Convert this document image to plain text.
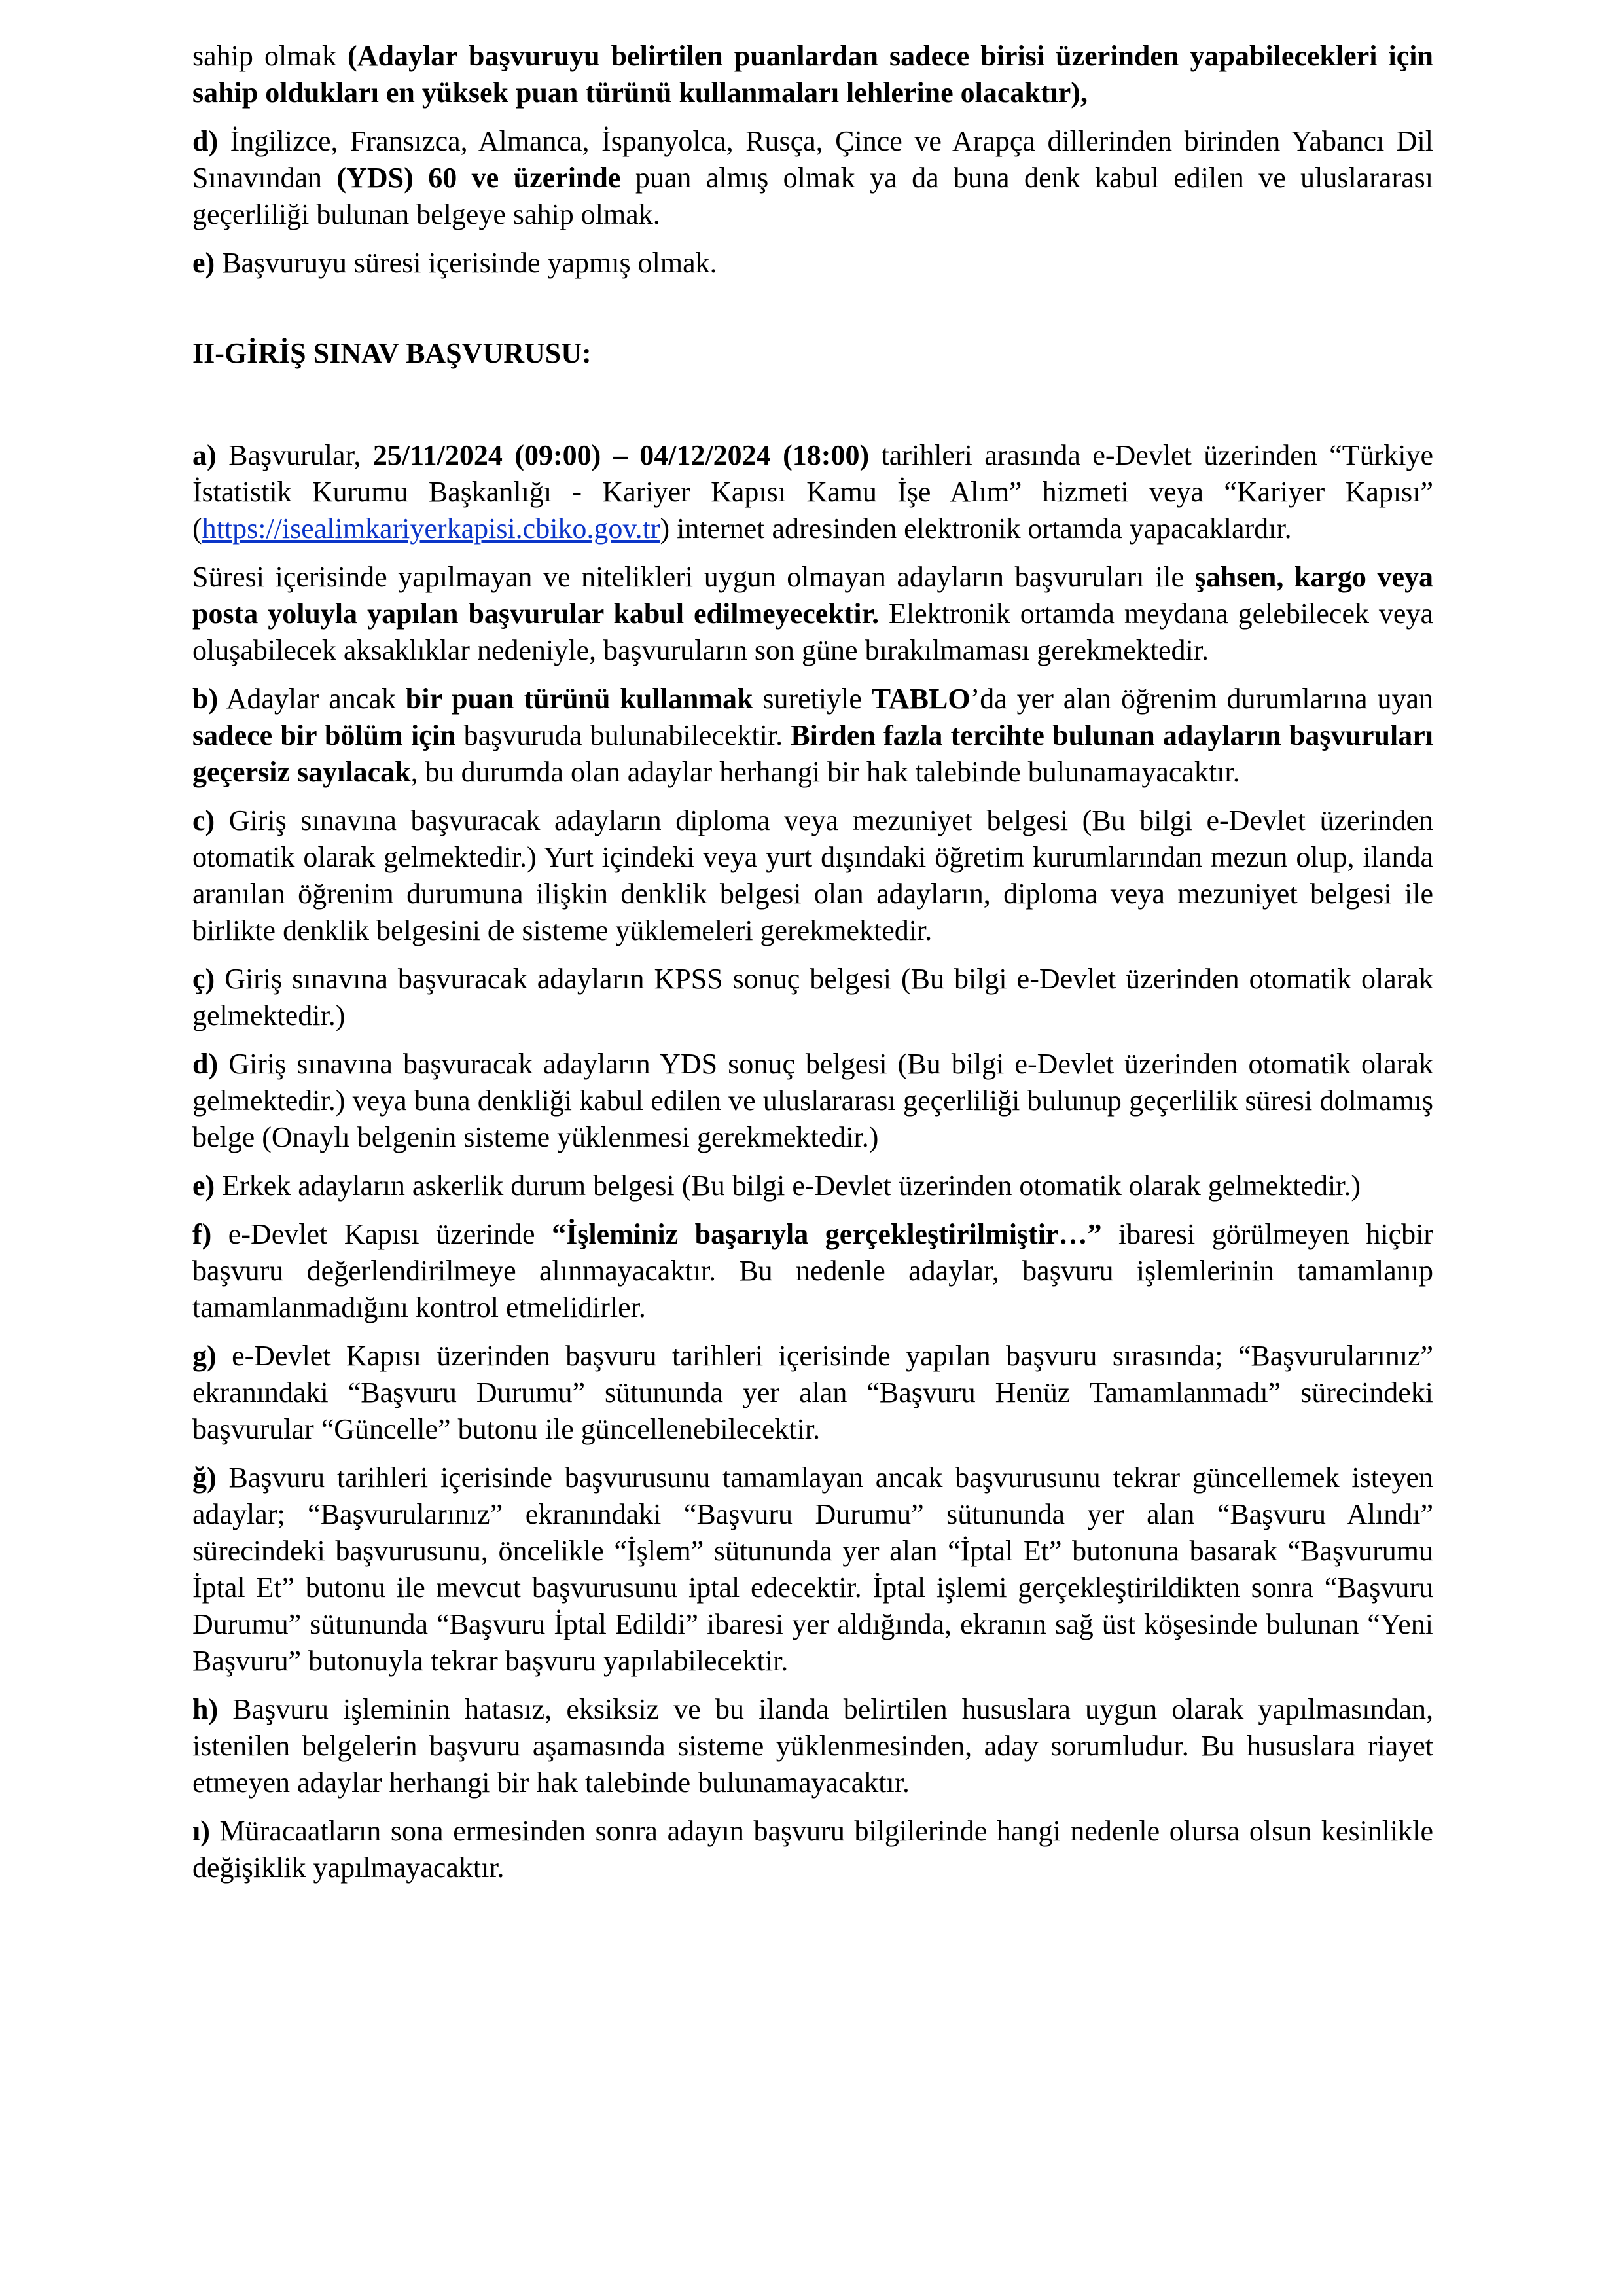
sahip olmak (Adaylar başvuruyu belirtilen puanlardan sadece birisi üzerinden yapabilecekleri için sahip oldukları en yüksek puan türünü kullanmaları lehlerine olacaktır),

d) İngilizce, Fransızca, Almanca, İspanyolca, Rusça, Çince ve Arapça dillerinden birinden Yabancı Dil Sınavından (YDS) 60 ve üzerinde puan almış olmak ya da buna denk kabul edilen ve uluslararası geçerliliği bulunan belgeye sahip olmak.

e) Başvuruyu süresi içerisinde yapmış olmak.

II-GİRİŞ SINAV BAŞVURUSU:

a) Başvurular, 25/11/2024 (09:00) – 04/12/2024 (18:00) tarihleri arasında e-Devlet üzerinden “Türkiye İstatistik Kurumu Başkanlığı - Kariyer Kapısı Kamu İşe Alım” hizmeti veya “Kariyer Kapısı” (https://isealimkariyerkapisi.cbiko.gov.tr) internet adresinden elektronik ortamda yapacaklardır.

Süresi içerisinde yapılmayan ve nitelikleri uygun olmayan adayların başvuruları ile şahsen, kargo veya posta yoluyla yapılan başvurular kabul edilmeyecektir. Elektronik ortamda meydana gelebilecek veya oluşabilecek aksaklıklar nedeniyle, başvuruların son güne bırakılmaması gerekmektedir.

b) Adaylar ancak bir puan türünü kullanmak suretiyle TABLO’da yer alan öğrenim durumlarına uyan sadece bir bölüm için başvuruda bulunabilecektir. Birden fazla tercihte bulunan adayların başvuruları geçersiz sayılacak, bu durumda olan adaylar herhangi bir hak talebinde bulunamayacaktır.

c) Giriş sınavına başvuracak adayların diploma veya mezuniyet belgesi (Bu bilgi e-Devlet üzerinden otomatik olarak gelmektedir.) Yurt içindeki veya yurt dışındaki öğretim kurumlarından mezun olup, ilanda aranılan öğrenim durumuna ilişkin denklik belgesi olan adayların, diploma veya mezuniyet belgesi ile birlikte denklik belgesini de sisteme yüklemeleri gerekmektedir.

ç) Giriş sınavına başvuracak adayların KPSS sonuç belgesi (Bu bilgi e-Devlet üzerinden otomatik olarak gelmektedir.)

d) Giriş sınavına başvuracak adayların YDS sonuç belgesi (Bu bilgi e-Devlet üzerinden otomatik olarak gelmektedir.) veya buna denkliği kabul edilen ve uluslararası geçerliliği bulunup geçerlilik süresi dolmamış belge (Onaylı belgenin sisteme yüklenmesi gerekmektedir.)

e) Erkek adayların askerlik durum belgesi (Bu bilgi e-Devlet üzerinden otomatik olarak gelmektedir.)

f) e-Devlet Kapısı üzerinde “İşleminiz başarıyla gerçekleştirilmiştir…” ibaresi görülmeyen hiçbir başvuru değerlendirilmeye alınmayacaktır. Bu nedenle adaylar, başvuru işlemlerinin tamamlanıp tamamlanmadığını kontrol etmelidirler.

g) e-Devlet Kapısı üzerinden başvuru tarihleri içerisinde yapılan başvuru sırasında; “Başvurularınız” ekranındaki “Başvuru Durumu” sütununda yer alan “Başvuru Henüz Tamamlanmadı” sürecindeki başvurular “Güncelle” butonu ile güncellenebilecektir.

ğ) Başvuru tarihleri içerisinde başvurusunu tamamlayan ancak başvurusunu tekrar güncellemek isteyen adaylar; “Başvurularınız” ekranındaki “Başvuru Durumu” sütununda yer alan “Başvuru Alındı” sürecindeki başvurusunu, öncelikle “İşlem” sütununda yer alan “İptal Et” butonuna basarak “Başvurumu İptal Et” butonu ile mevcut başvurusunu iptal edecektir. İptal işlemi gerçekleştirildikten sonra “Başvuru Durumu” sütununda “Başvuru İptal Edildi” ibaresi yer aldığında, ekranın sağ üst köşesinde bulunan “Yeni Başvuru” butonuyla tekrar başvuru yapılabilecektir.

h) Başvuru işleminin hatasız, eksiksiz ve bu ilanda belirtilen hususlara uygun olarak yapılmasından, istenilen belgelerin başvuru aşamasında sisteme yüklenmesinden, aday sorumludur. Bu hususlara riayet etmeyen adaylar herhangi bir hak talebinde bulunamayacaktır.

ı) Müracaatların sona ermesinden sonra adayın başvuru bilgilerinde hangi nedenle olursa olsun kesinlikle değişiklik yapılmayacaktır.
